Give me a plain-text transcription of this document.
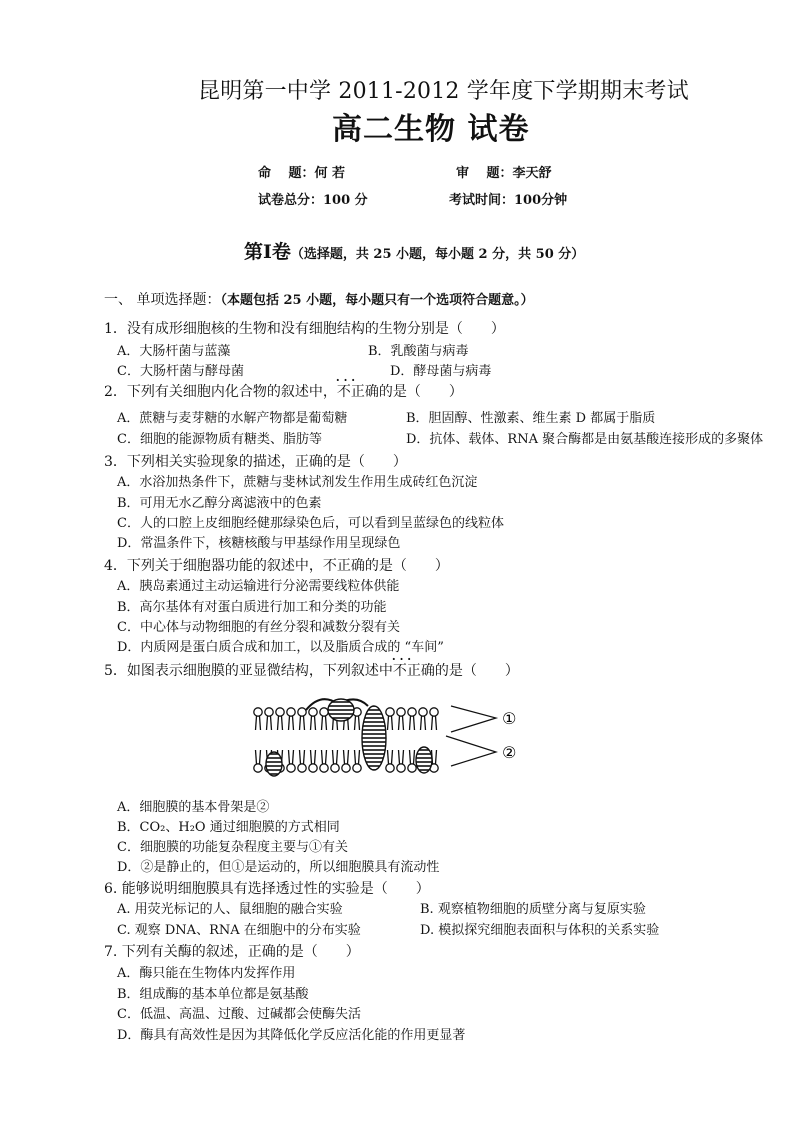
昆明第一中学 2011-2012 学年度下学期期末考试
高二生物 试卷
命　 题：何 若	审　 题：李天舒
试卷总分：100 分	考试时间：100分钟
第Ⅰ卷（选择题，共 25 小题，每小题 2 分，共 50 分）
一、 单项选择题：（本题包括 25 小题，每小题只有一个选项符合题意。）
1．没有成形细胞核的生物和没有细胞结构的生物分别是（　　）
A．大肠杆菌与蓝藻	B．乳酸菌与病毒
C．大肠杆菌与酵母菌	D．酵母菌与病毒
2．下列有关细胞内化合物的叙述中，不正确 · · ·的是（　　）
A．蔗糖与麦芽糖的水解产物都是葡萄糖	B．胆固醇、性激素、维生素 D 都属于脂质
C．细胞的能源物质有糖类、脂肪等	D．抗体、载体、RNA 聚合酶都是由氨基酸连接形成的多聚体
3．下列相关实验现象的描述，正确的是（　　）
A．水浴加热条件下，蔗糖与斐林试剂发生作用生成砖红色沉淀
B．可用无水乙醇分离滤液中的色素
C．人的口腔上皮细胞经健那绿染色后，可以看到呈蓝绿色的线粒体
D．常温条件下，核糖核酸与甲基绿作用呈现绿色
4．下列关于细胞器功能的叙述中，不正确的是（　　）
A．胰岛素通过主动运输进行分泌需要线粒体供能
B．高尔基体有对蛋白质进行加工和分类的功能
C．中心体与动物细胞的有丝分裂和减数分裂有关
D．内质网是蛋白质合成和加工，以及脂质合成的 “车间”
5．如图表示细胞膜的亚显微结构，下列叙述中不正确 · · ·的是（　　）
①
②
A．细胞膜的基本骨架是②
B．CO₂、H₂O 通过细胞膜的方式相同
C．细胞膜的功能复杂程度主要与①有关
D．②是静止的，但①是运动的，所以细胞膜具有流动性
6. 能够说明细胞膜具有选择透过性的实验是（　　）
A. 用荧光标记的人、鼠细胞的融合实验	B. 观察植物细胞的质壁分离与复原实验
C. 观察 DNA、RNA 在细胞中的分布实验	D. 模拟探究细胞表面积与体积的关系实验
7. 下列有关酶的叙述，正确的是（　　）
A．酶只能在生物体内发挥作用
B．组成酶的基本单位都是氨基酸
C．低温、高温、过酸、过碱都会使酶失活
D．酶具有高效性是因为其降低化学反应活化能的作用更显著
